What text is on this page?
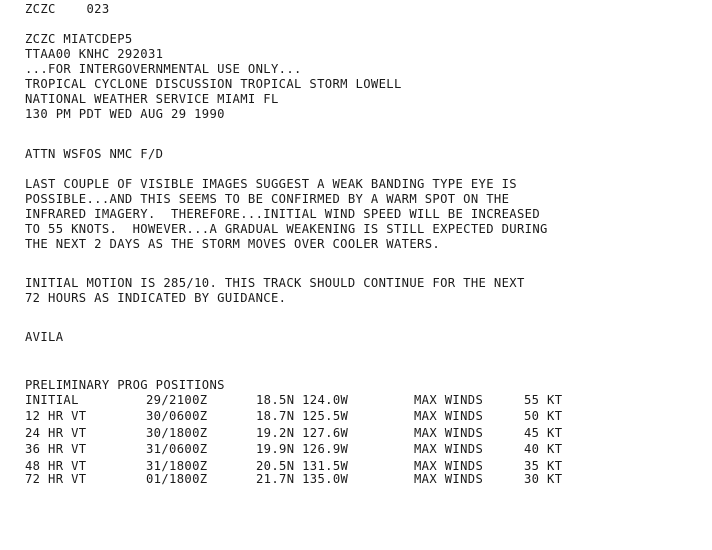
ZCZC    023
ZCZC MIATCDEP5
TTAA00 KNHC 292031
...FOR INTERGOVERNMENTAL USE ONLY...
TROPICAL CYCLONE DISCUSSION TROPICAL STORM LOWELL
NATIONAL WEATHER SERVICE MIAMI FL
130 PM PDT WED AUG 29 1990
ATTN WSFOS NMC F/D
LAST COUPLE OF VISIBLE IMAGES SUGGEST A WEAK BANDING TYPE EYE IS
POSSIBLE...AND THIS SEEMS TO BE CONFIRMED BY A WARM SPOT ON THE
INFRARED IMAGERY.  THEREFORE...INITIAL WIND SPEED WILL BE INCREASED
TO 55 KNOTS.  HOWEVER...A GRADUAL WEAKENING IS STILL EXPECTED DURING
THE NEXT 2 DAYS AS THE STORM MOVES OVER COOLER WATERS.
INITIAL MOTION IS 285/10. THIS TRACK SHOULD CONTINUE FOR THE NEXT
72 HOURS AS INDICATED BY GUIDANCE.
AVILA
PRELIMINARY PROG POSITIONS
INITIAL	29/2100Z	18.5N 124.0W	MAX WINDS	55 KT
12 HR VT	30/0600Z	18.7N 125.5W	MAX WINDS	50 KT
24 HR VT	30/1800Z	19.2N 127.6W	MAX WINDS	45 KT
36 HR VT	31/0600Z	19.9N 126.9W	MAX WINDS	40 KT
48 HR VT	31/1800Z	20.5N 131.5W	MAX WINDS	35 KT
72 HR VT	01/1800Z	21.7N 135.0W	MAX WINDS	30 KT
